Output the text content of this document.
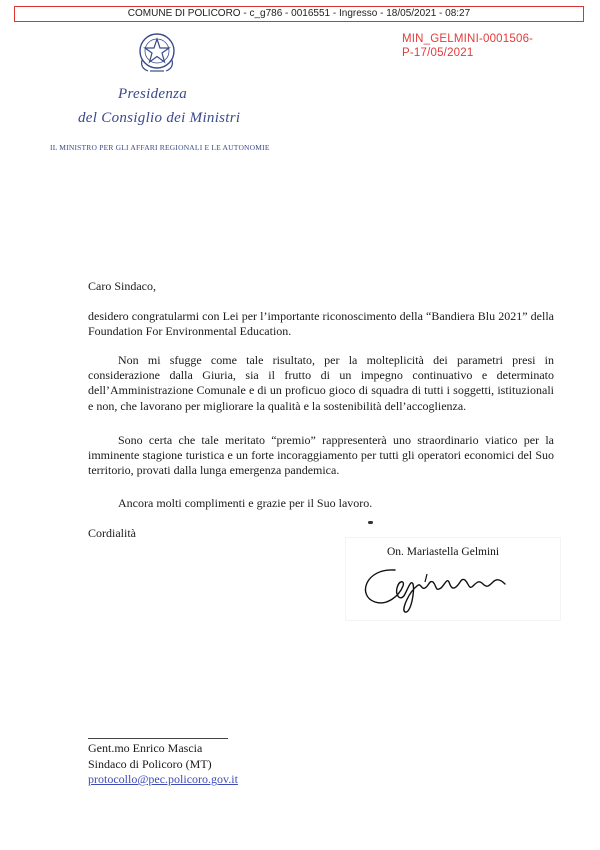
COMUNE DI POLICORO - c_g786 - 0016551 - Ingresso - 18/05/2021 - 08:27
MIN_GELMINI-0001506-
P-17/05/2021
Presidenza
del Consiglio dei Ministri
IL MINISTRO PER GLI AFFARI REGIONALI E LE AUTONOMIE
Caro Sindaco,
desidero congratularmi con Lei per l’importante riconoscimento della “Bandiera Blu 2021” della Foundation For Environmental Education.
Non mi sfugge come tale risultato, per la molteplicità dei parametri presi in considerazione dalla Giuria, sia il frutto di un impegno continuativo e determinato dell’Amministrazione Comunale e di un proficuo gioco di squadra di tutti i soggetti, istituzionali e non, che lavorano per migliorare la qualità e la sostenibilità dell’accoglienza.
Sono certa che tale meritato “premio” rappresenterà uno straordinario viatico per la imminente stagione turistica e un forte incoraggiamento per tutti gli operatori economici del Suo territorio, provati dalla lunga emergenza pandemica.
Ancora molti complimenti e grazie per il Suo lavoro.
Cordialità
On. Mariastella Gelmini
Gent.mo Enrico Mascia
Sindaco di Policoro (MT)
protocollo@pec.policoro.gov.it
